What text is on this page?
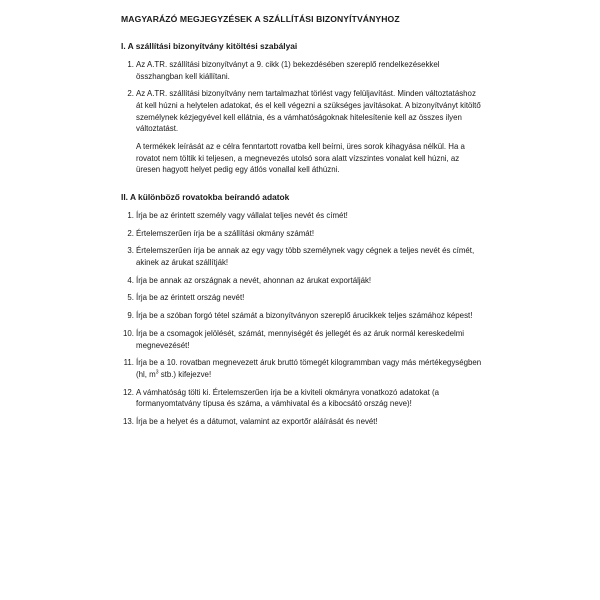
MAGYARÁZÓ MEGJEGYZÉSEK A SZÁLLÍTÁSI BIZONYÍTVÁNYHOZ
I. A szállítási bizonyítvány kitöltési szabályai
1. Az A.TR. szállítási bizonyítványt a 9. cikk (1) bekezdésében szereplő rendelkezésekkel összhangban kell kiállítani.
2. Az A.TR. szállítási bizonyítvány nem tartalmazhat törlést vagy felülјavítást. Minden változtatáshoz át kell húzni a helytelen adatokat, és el kell végezni a szükséges javításokat. A bizonyítványt kitöltő személynek kézjegyével kell ellátnia, és a vámhatóságoknak hitelesítenie kell az összes ilyen változtatást.
A termékek leírását az e célra fenntartott rovatba kell beírni, üres sorok kihagyása nélkül. Ha a rovatot nem töltik ki teljesen, a megnevezés utolsó sora alatt vízszintes vonalat kell húzni, az üresen hagyott helyet pedig egy átlós vonallal kell áthúzni.
II. A különböző rovatokba beírandó adatok
1. Írja be az érintett személy vagy vállalat teljes nevét és címét!
2. Értelemszerűen írja be a szállítási okmány számát!
3. Értelemszerűen írja be annak az egy vagy több személynek vagy cégnek a teljes nevét és címét, akinek az árukat szállítják!
4. Írja be annak az országnak a nevét, ahonnan az árukat exportálják!
5. Írja be az érintett ország nevét!
9. Írja be a szóban forgó tétel számát a bizonyítványon szereplő árucikkek teljes számához képest!
10. Írja be a csomagok jelölését, számát, mennyiségét és jellegét és az áruk normál kereskedelmi megnevezését!
11. Írja be a 10. rovatban megnevezett áruk bruttó tömegét kilogrammban vagy más mértékegységben (hl, $m^3$ stb.) kifejezve!
12. A vámhatóság tölti ki. Értelemszerűen írja be a kiviteli okmányra vonatkozó adatokat (a formanyomtatvány típusa és száma, a vámhivatal és a kibocsátó ország neve)!
13. Írja be a helyet és a dátumot, valamint az exportőr aláírását és nevét!
